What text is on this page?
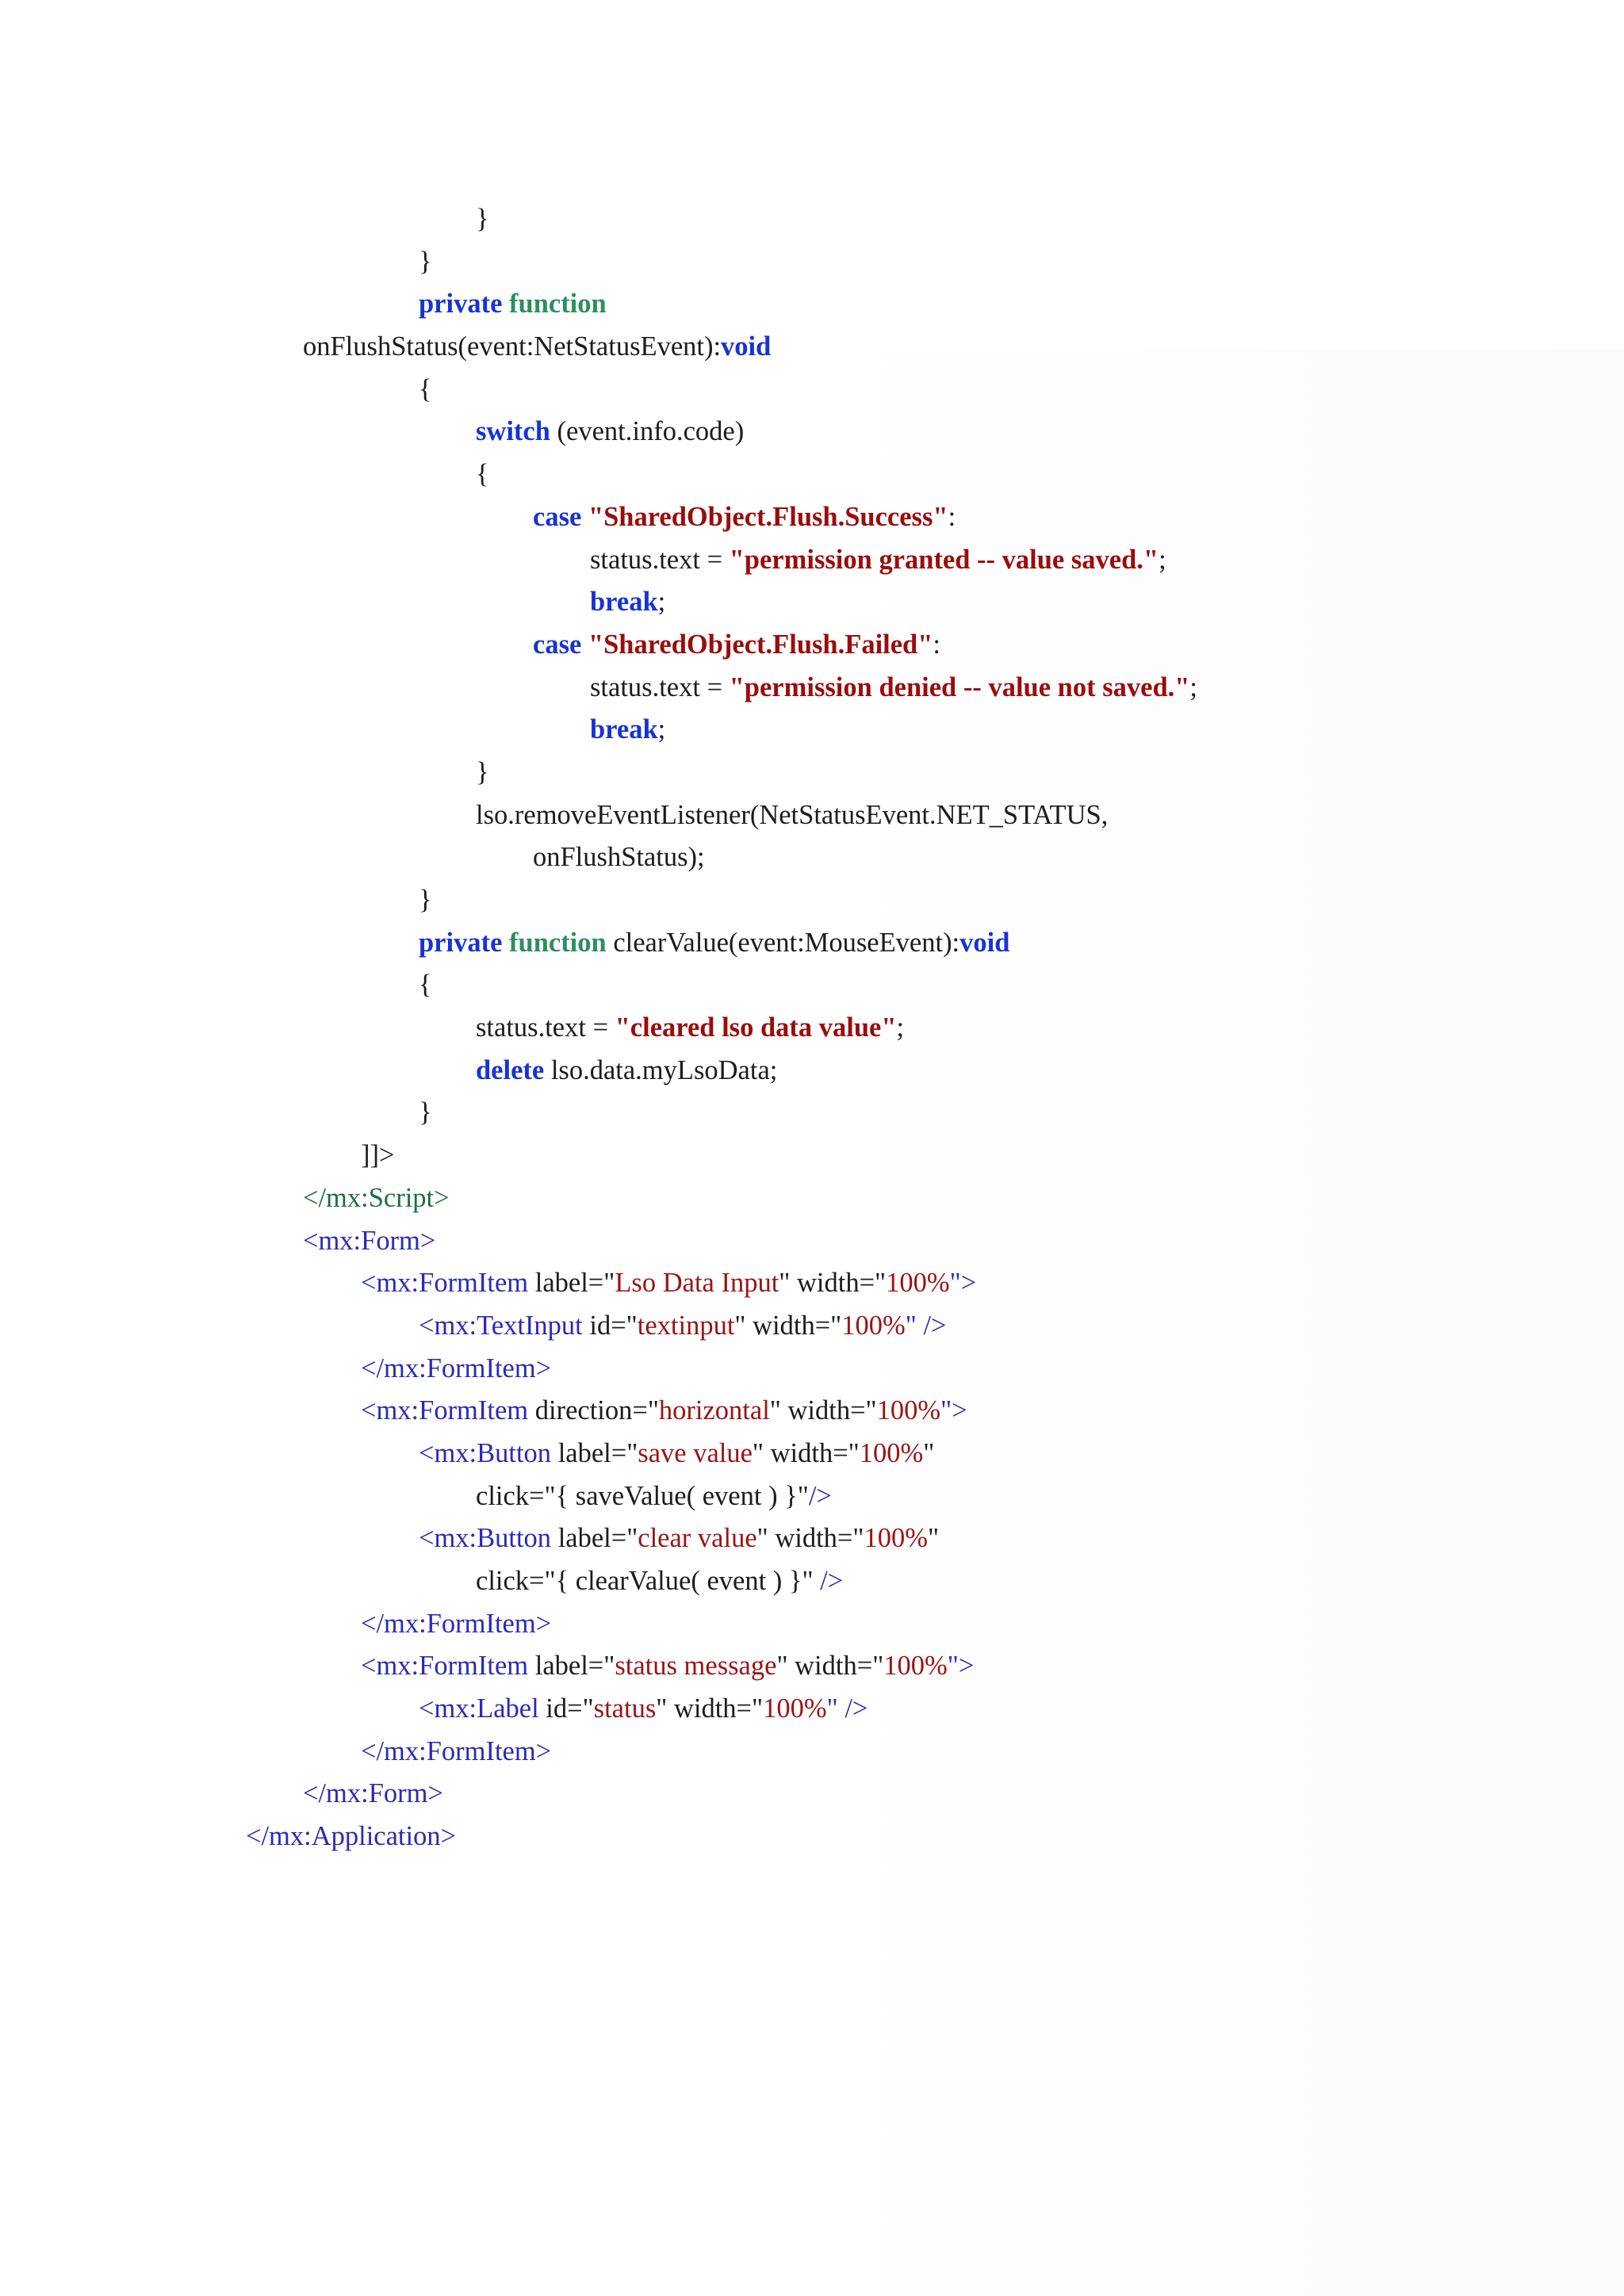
}
}
private function
onFlushStatus(event:NetStatusEvent):void
{
switch (event.info.code)
{
case "SharedObject.Flush.Success":
status.text = "permission granted -- value saved.";
break;
case "SharedObject.Flush.Failed":
status.text = "permission denied -- value not saved.";
break;
}
lso.removeEventListener(NetStatusEvent.NET_STATUS,
onFlushStatus);
}
private function clearValue(event:MouseEvent):void
{
status.text = "cleared lso data value";
delete lso.data.myLsoData;
}
]]>
</mx:Script>
<mx:Form>
<mx:FormItem label="Lso Data Input" width="100%">
<mx:TextInput id="textinput" width="100%" />
</mx:FormItem>
<mx:FormItem direction="horizontal" width="100%">
<mx:Button label="save value" width="100%"
click="{ saveValue( event ) }"/>
<mx:Button label="clear value" width="100%"
click="{ clearValue( event ) }" />
</mx:FormItem>
<mx:FormItem label="status message" width="100%">
<mx:Label id="status" width="100%" />
</mx:FormItem>
</mx:Form>
</mx:Application>
